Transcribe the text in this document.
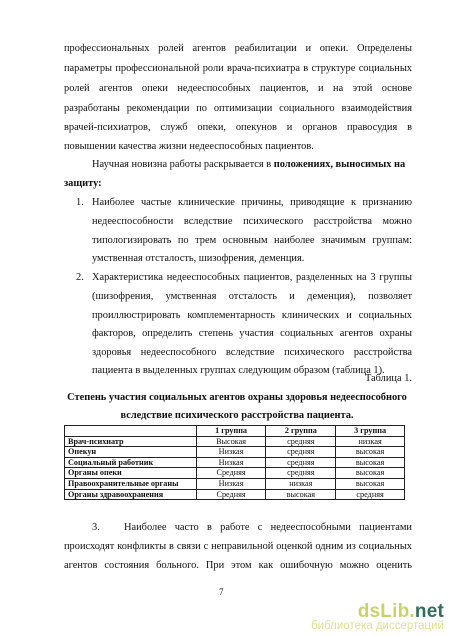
профессиональных ролей агентов реабилитации и опеки. Определены
параметры профессиональной роли врача-психиатра в структуре социальных
ролей агентов опеки недееспособных пациентов, и на этой основе
разработаны рекомендации по оптимизации социального взаимодействия
врачей-психиатров, служб опеки, опекунов и органов правосудия в
повышении качества жизни недееспособных пациентов.
Научная новизна работы раскрывается в положениях, выносимых на
защиту:
1. Наиболее частые клинические причины, приводящие к признанию
недееспособности вследствие психического расстройства можно
типологизировать по трем основным наиболее значимым группам:
умственная отсталость, шизофрения, деменция.
2. Характеристика недееспособных пациентов, разделенных на 3 группы
(шизофрения, умственная отсталость и деменция), позволяет
проиллюстрировать комплементарность клинических и социальных
факторов, определить степень участия социальных агентов охраны
здоровья недееспособного вследствие психического расстройства
пациента в выделенных группах следующим образом (таблица 1).
Таблица 1.
Степень участия социальных агентов охраны здоровья недееспособного
вследствие психического расстройства пациента.
	1 группа	2 группа	3 группа
Врач-психиатр	Высокая	средняя	низкая
Опекун	Низкая	средняя	высокая
Социальный работник	Низкая	средняя	высокая
Органы опеки	Средняя	средняя	высокая
Правоохранительные органы	Низкая	низкая	высокая
Органы здравоохранения	Средняя	высокая	средняя
3. Наиболее часто в работе с недееспособными пациентами
происходят конфликты в связи с неправильной оценкой одним из социальных
агентов состояния больного. При этом как ошибочную можно оценить
7
dsLib.net
библиотека диссертаций
